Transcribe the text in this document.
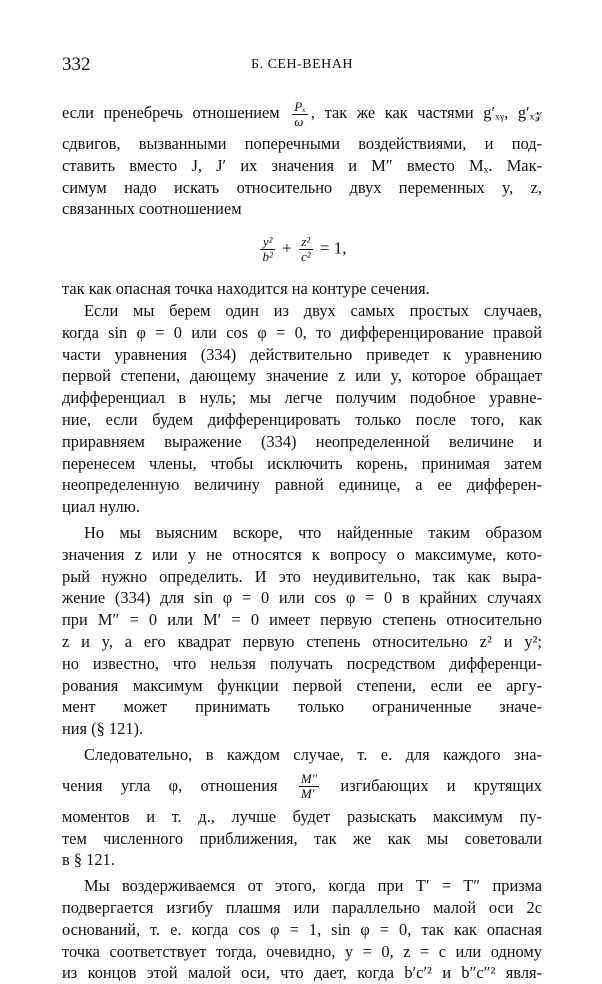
332	Б. СЕН-ВЕНАН
если пренебречь отношением $\frac{\text{Pₓ}}{\omega}$ , так же как частями g′ₓᵧ, g′ₓ𝓏
сдвигов, вызванными поперечными воздействиями, и под-
ставить вместо J, J′ их значения и M″ вместо Mₓ. Мак-
симум надо искать относительно двух переменных y, z,
связанных соотношением
$\frac{\text{y²}}{\text{b²}} + \frac{\text{z²}}{\text{c²}} = 1$,
так как опасная точка находится на контуре сечения.
Если мы берем один из двух самых простых случаев,
когда sin φ = 0 или cos φ = 0, то дифференцирование правой
части уравнения (334) действительно приведет к уравнению
первой степени, дающему значение z или y, которое обращает
дифференциал в нуль; мы легче получим подобное уравне-
ние, если будем дифференцировать только после того, как
приравняем выражение (334) неопределенной величине и
перенесем члены, чтобы исключить корень, принимая затем
неопределенную величину равной единице, а ее дифферен-
циал нулю.
Но мы выясним вскоре, что найденные таким образом
значения z или y не относятся к вопросу о максимуме, кото-
рый нужно определить. И это неудивительно, так как выра-
жение (334) для sin φ = 0 или cos φ = 0 в крайних случаях
при M″ = 0 или M′ = 0 имеет первую степень относительно
z и y, а его квадрат первую степень относительно z² и y²;
но известно, что нельзя получать посредством дифференци-
рования максимум функции первой степени, если ее аргу-
мент может принимать только ограниченные значе-
ния (§ 121).
Следовательно, в каждом случае, т. е. для каждого зна-
чения угла φ, отношения $\frac{M''}{M'}$ изгибающих и крутящих
моментов и т. д., лучше будет разыскать максимум пу-
тем численного приближения, так же как мы советовали
в § 121.
Мы воздерживаемся от этого, когда при T′ = T″ призма
подвергается изгибу плашмя или параллельно малой оси 2c
оснований, т. е. когда cos φ = 1, sin φ = 0, так как опасная
точка соответствует тогда, очевидно, y = 0, z = c или одному
из концов этой малой оси, что дает, когда b′c′² и b″c″² явля-
